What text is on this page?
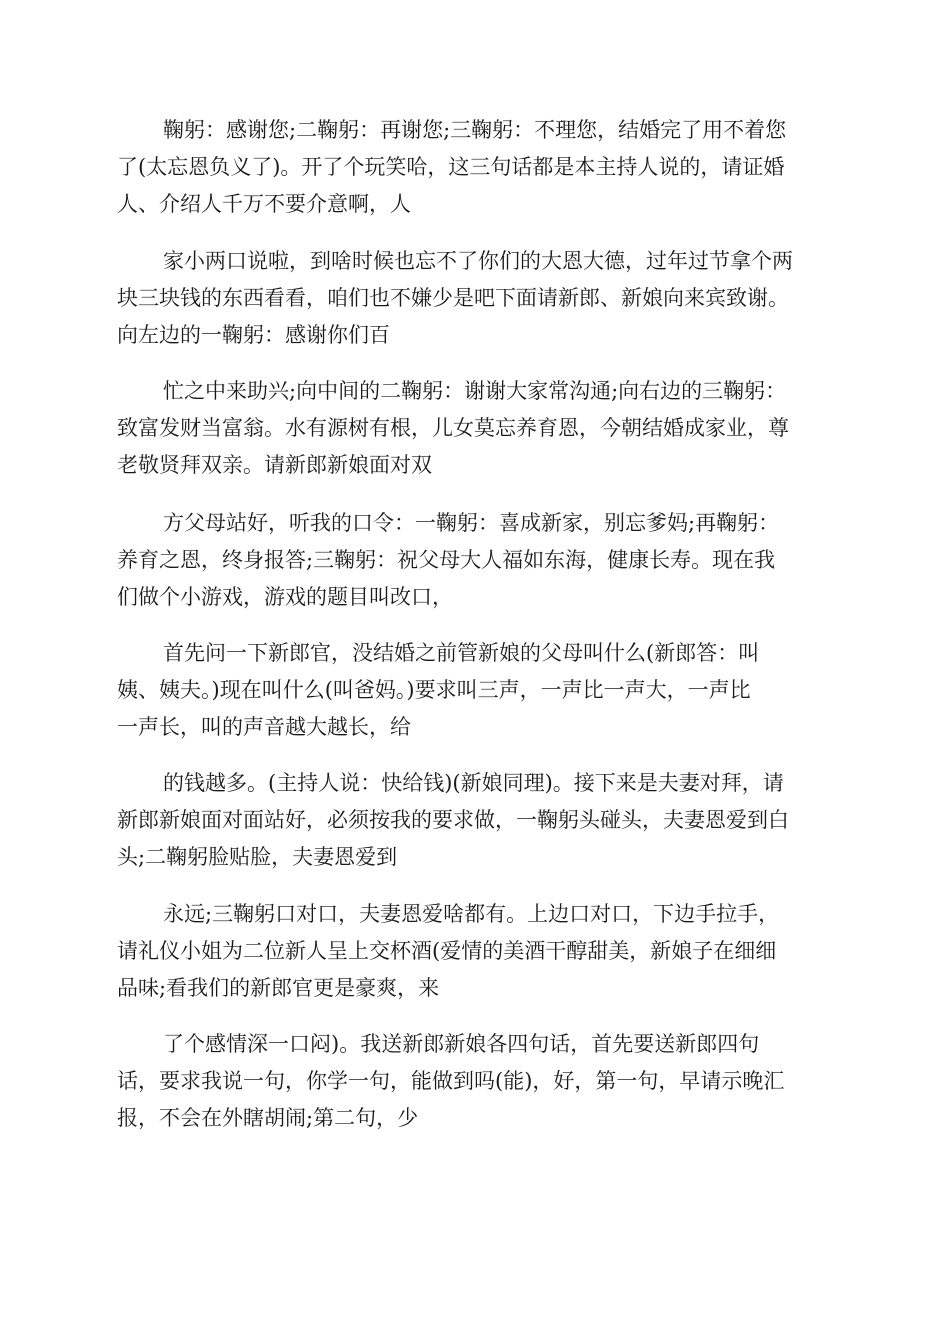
鞠躬：感谢您;二鞠躬：再谢您;三鞠躬：不理您，结婚完了用不着您
了(太忘恩负义了)。开了个玩笑哈，这三句话都是本主持人说的，请证婚
人、介绍人千万不要介意啊，人

家小两口说啦，到啥时候也忘不了你们的大恩大德，过年过节拿个两
块三块钱的东西看看，咱们也不嫌少是吧下面请新郎、新娘向来宾致谢。
向左边的一鞠躬：感谢你们百

忙之中来助兴;向中间的二鞠躬：谢谢大家常沟通;向右边的三鞠躬：
致富发财当富翁。水有源树有根，儿女莫忘养育恩，今朝结婚成家业，尊
老敬贤拜双亲。请新郎新娘面对双

方父母站好，听我的口令：一鞠躬：喜成新家，别忘爹妈;再鞠躬：
养育之恩，终身报答;三鞠躬：祝父母大人福如东海，健康长寿。现在我
们做个小游戏，游戏的题目叫改口，

首先问一下新郎官，没结婚之前管新娘的父母叫什么(新郎答：叫
姨、姨夫。)现在叫什么(叫爸妈。)要求叫三声，一声比一声大，一声比
一声长，叫的声音越大越长，给

的钱越多。(主持人说：快给钱)(新娘同理)。接下来是夫妻对拜，请
新郎新娘面对面站好，必须按我的要求做，一鞠躬头碰头，夫妻恩爱到白
头;二鞠躬脸贴脸，夫妻恩爱到

永远;三鞠躬口对口，夫妻恩爱啥都有。上边口对口，下边手拉手，
请礼仪小姐为二位新人呈上交杯酒(爱情的美酒干醇甜美，新娘子在细细
品味;看我们的新郎官更是豪爽，来

了个感情深一口闷)。我送新郎新娘各四句话，首先要送新郎四句
话，要求我说一句，你学一句，能做到吗(能)，好，第一句，早请示晚汇
报，不会在外瞎胡闹;第二句，少
